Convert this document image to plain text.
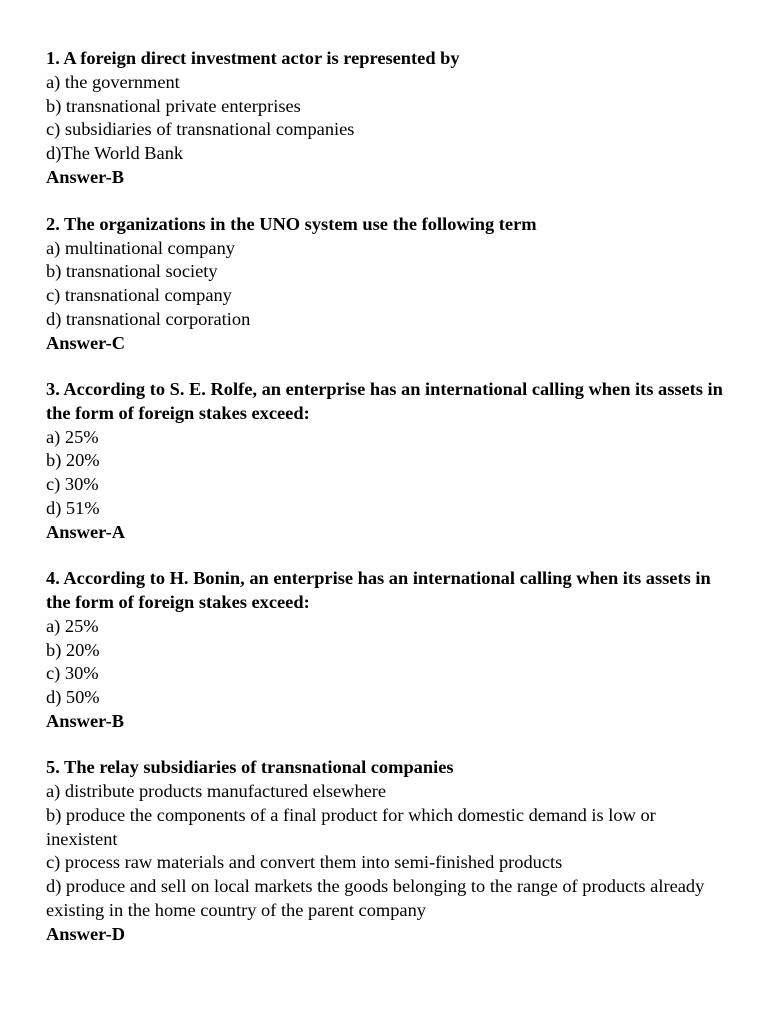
1. A foreign direct investment actor is represented by
a) the government
b) transnational private enterprises
c) subsidiaries of transnational companies
d)The World Bank
Answer-B
2. The organizations in the UNO system use the following term
a) multinational company
b) transnational society
c) transnational company
d) transnational corporation
Answer-C
3. According to S. E. Rolfe, an enterprise has an international calling when its assets in the form of foreign stakes exceed:
a) 25%
b) 20%
c) 30%
d) 51%
Answer-A
4. According to H. Bonin, an enterprise has an international calling when its assets in the form of foreign stakes exceed:
a) 25%
b) 20%
c) 30%
d) 50%
Answer-B
5. The relay subsidiaries of transnational companies
a) distribute products manufactured elsewhere
b) produce the components of a final product for which domestic demand is low or inexistent
c) process raw materials and convert them into semi-finished products
d) produce and sell on local markets the goods belonging to the range of products already existing in the home country of the parent company
Answer-D
